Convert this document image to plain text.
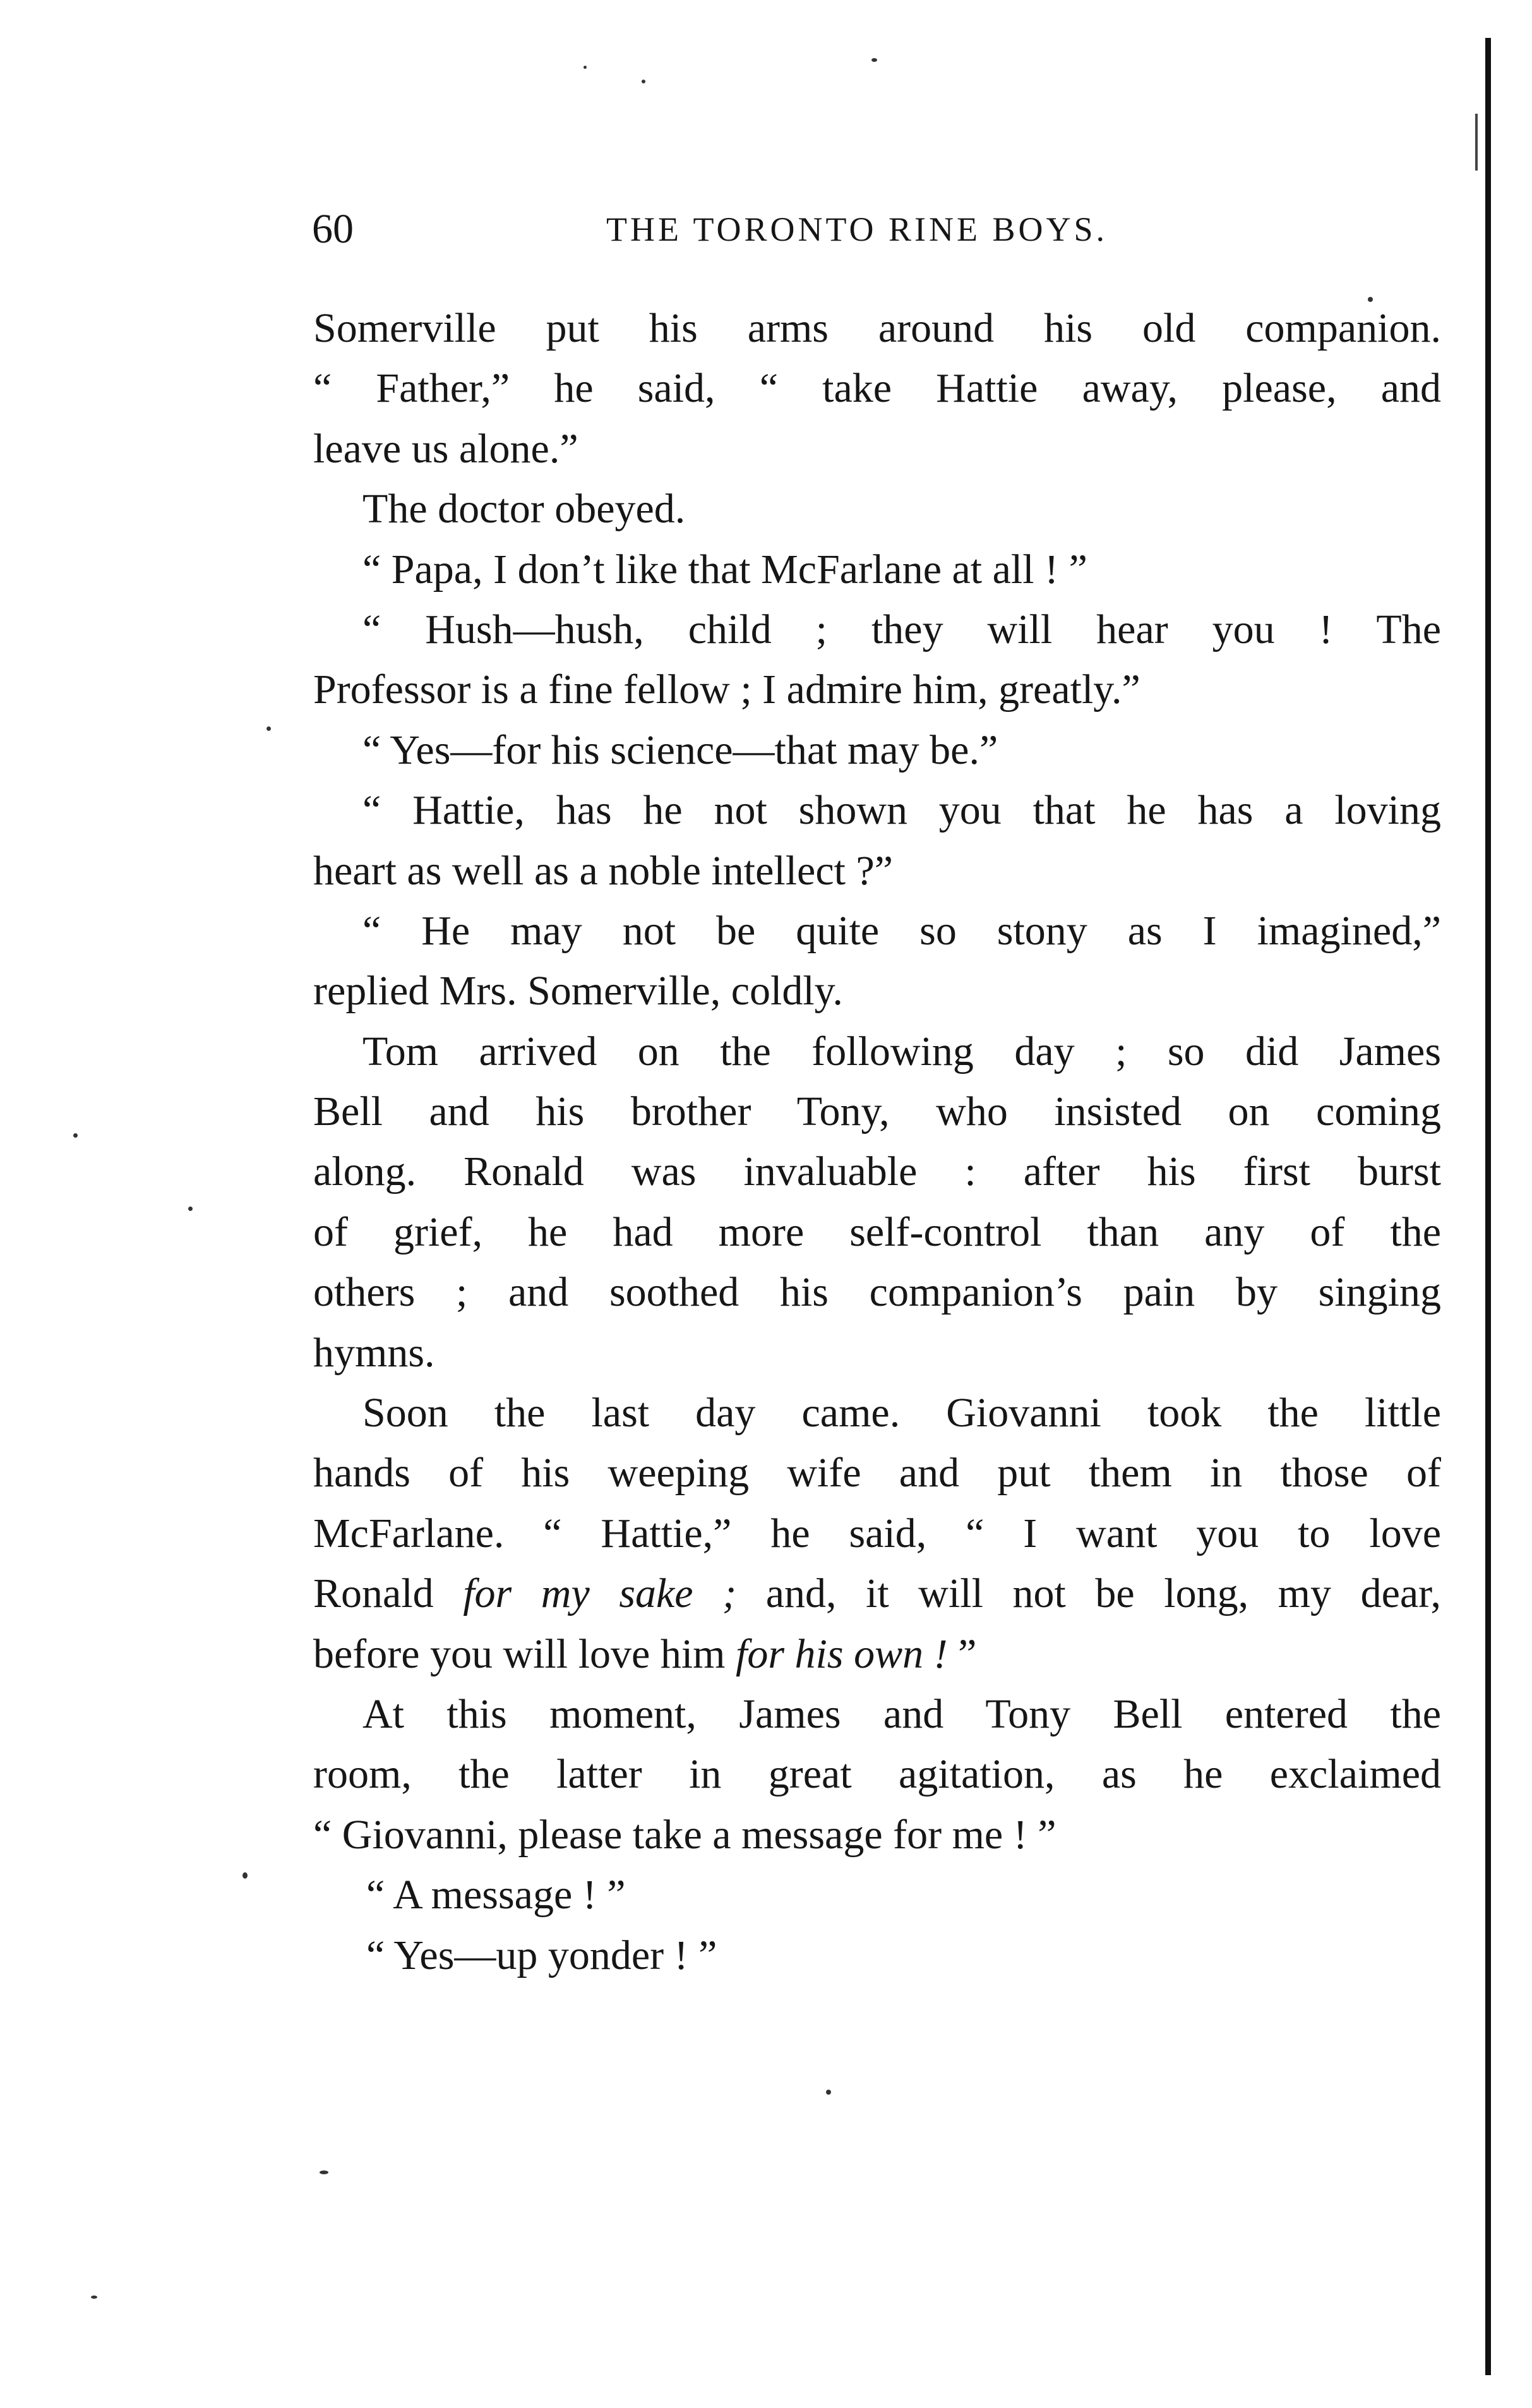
60	THE TORONTO RINE BOYS.
Somerville put his arms around his old companion.
“ Father,” he said, “ take Hattie away, please, and
leave us alone.”
The doctor obeyed.
“ Papa, I don’t like that McFarlane at all ! ”
“ Hush—hush, child ; they will hear you ! The
Professor is a fine fellow ; I admire him, greatly.”
“ Yes—for his science—that may be.”
“ Hattie, has he not shown you that he has a loving
heart as well as a noble intellect ?”
“ He may not be quite so stony as I imagined,”
replied Mrs. Somerville, coldly.
Tom arrived on the following day ; so did James
Bell and his brother Tony, who insisted on coming
along. Ronald was invaluable : after his first burst
of grief, he had more self-control than any of the
others ; and soothed his companion’s pain by singing
hymns.
Soon the last day came. Giovanni took the little
hands of his weeping wife and put them in those of
McFarlane. “ Hattie,” he said, “ I want you to love
Ronald for my sake ; and, it will not be long, my dear,
before you will love him for his own ! ”
At this moment, James and Tony Bell entered the
room, the latter in great agitation, as he exclaimed
“ Giovanni, please take a message for me ! ”
“ A message ! ”
“ Yes—up yonder ! ”
